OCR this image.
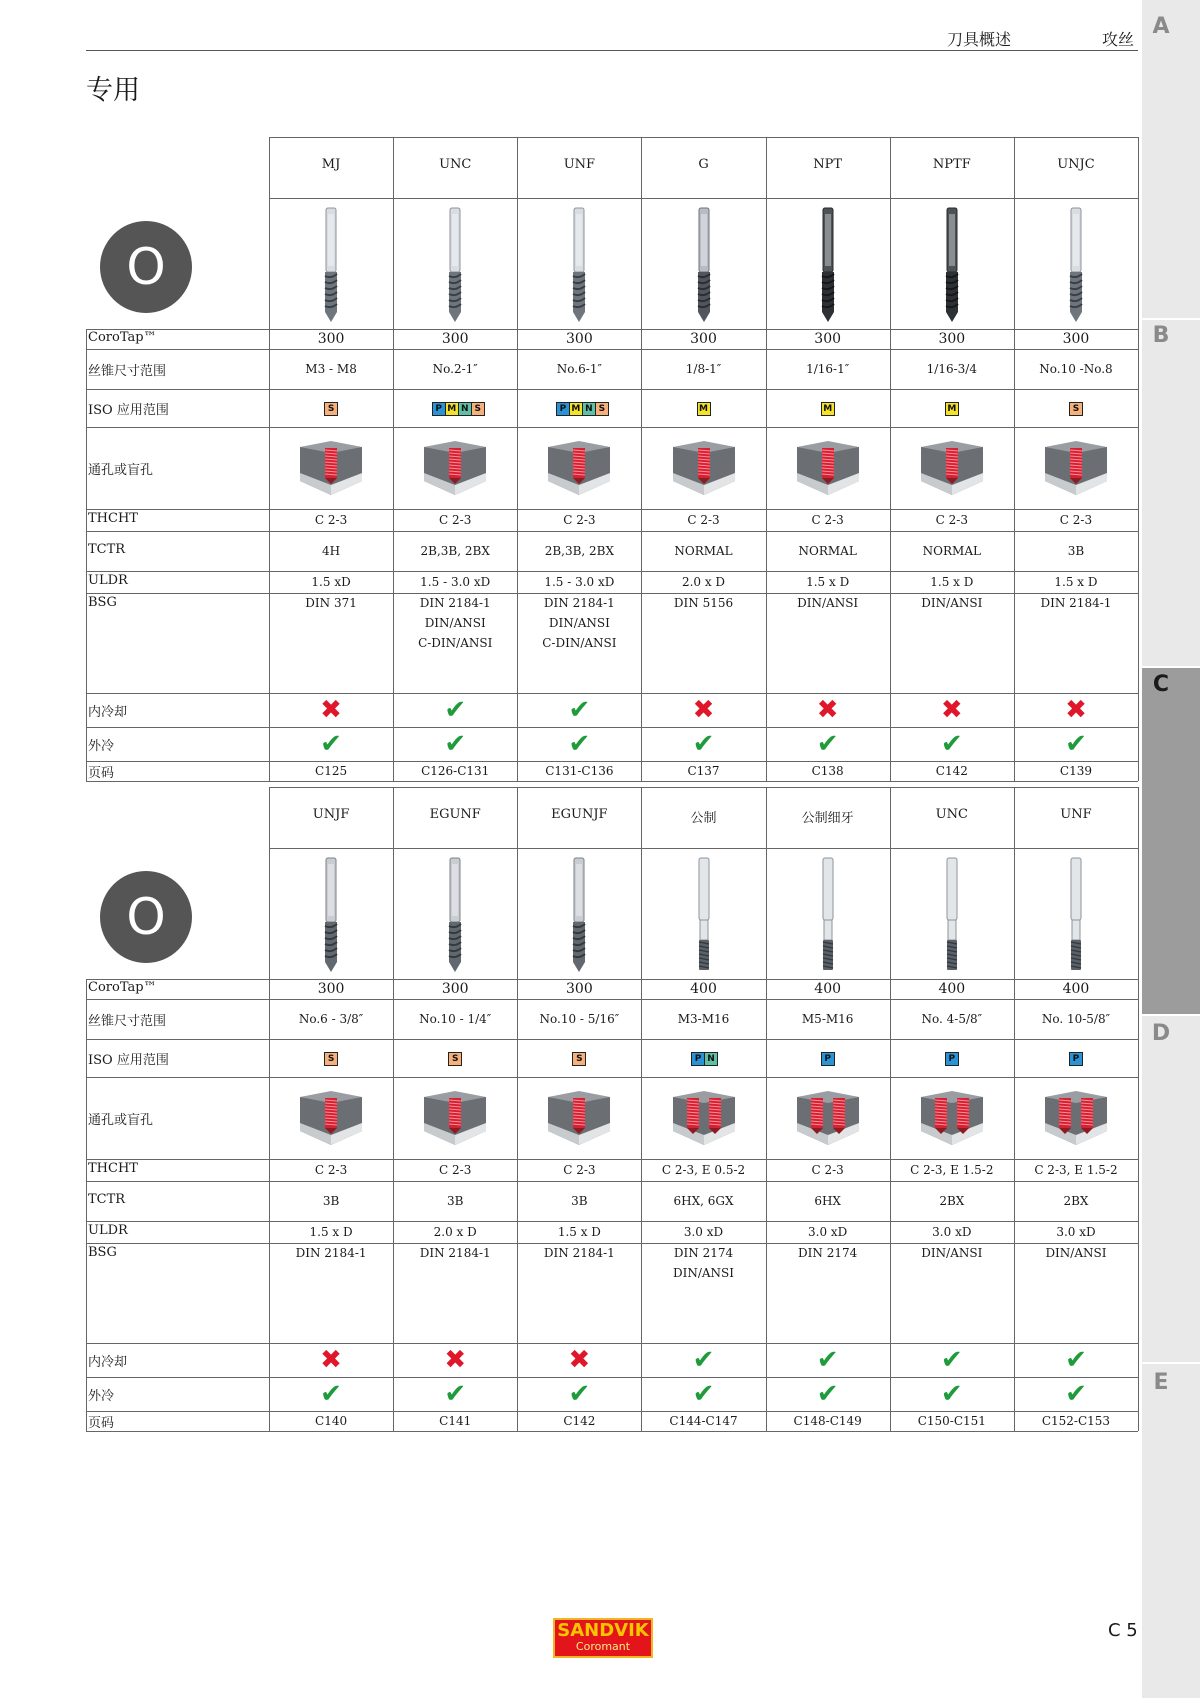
A
B
C
D
E
刀具概述	攻丝
专用
O
CoroTap™
丝锥尺寸范围
ISO 应用范围
通孔或盲孔
THCHT
TCTR
ULDR
BSG
内冷却
外冷
页码
MJ
300
M3 - M8
S
C 2-3
4H
1.5 xD
DIN 371
✖
✔
C125
UNC
300
No.2-1″
P M N S
C 2-3
2B,3B, 2BX
1.5 - 3.0 xD
DIN 2184-1
DIN/ANSI
C-DIN/ANSI
✔
✔
C126-C131
UNF
300
No.6-1″
P M N S
C 2-3
2B,3B, 2BX
1.5 - 3.0 xD
DIN 2184-1
DIN/ANSI
C-DIN/ANSI
✔
✔
C131-C136
G
300
1/8-1″
M
C 2-3
NORMAL
2.0 x D
DIN 5156
✖
✔
C137
NPT
300
1/16-1″
M
C 2-3
NORMAL
1.5 x D
DIN/ANSI
✖
✔
C138
NPTF
300
1/16-3/4
M
C 2-3
NORMAL
1.5 x D
DIN/ANSI
✖
✔
C142
UNJC
300
No.10 -No.8
S
C 2-3
3B
1.5 x D
DIN 2184-1
✖
✔
C139
O
CoroTap™
丝锥尺寸范围
ISO 应用范围
通孔或盲孔
THCHT
TCTR
ULDR
BSG
内冷却
外冷
页码
UNJF
300
No.6 - 3/8″
S
C 2-3
3B
1.5 x D
DIN 2184-1
✖
✔
C140
EGUNF
300
No.10 - 1/4″
S
C 2-3
3B
2.0 x D
DIN 2184-1
✖
✔
C141
EGUNJF
300
No.10 - 5/16″
S
C 2-3
3B
1.5 x D
DIN 2184-1
✖
✔
C142
公制
400
M3-M16
P N
C 2-3, E 0.5-2
6HX, 6GX
3.0 xD
DIN 2174
DIN/ANSI
✔
✔
C144-C147
公制细牙
400
M5-M16
P
C 2-3
6HX
3.0 xD
DIN 2174
✔
✔
C148-C149
UNC
400
No. 4-5/8″
P
C 2-3, E 1.5-2
2BX
3.0 xD
DIN/ANSI
✔
✔
C150-C151
UNF
400
No. 10-5/8″
P
C 2-3, E 1.5-2
2BX
3.0 xD
DIN/ANSI
✔
✔
C152-C153
SANDVIK
Coromant
C 5
